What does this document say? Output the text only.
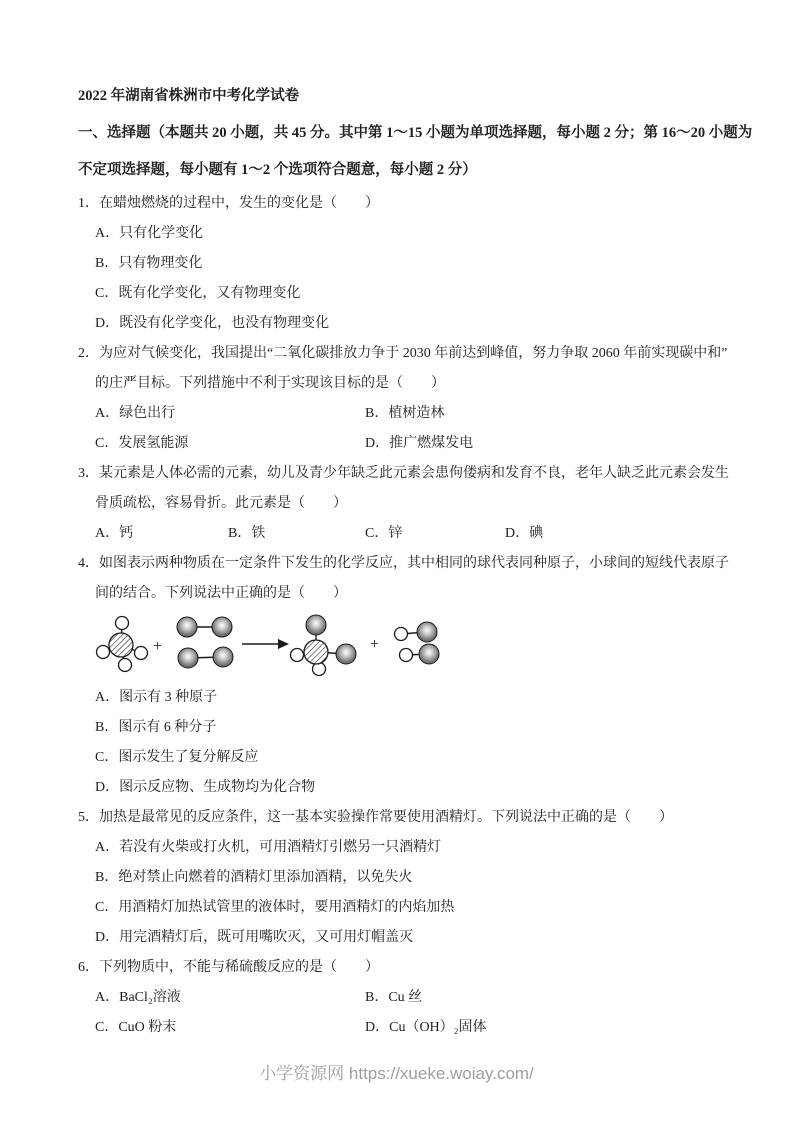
2022 年湖南省株洲市中考化学试卷
一、选择题（本题共 20 小题，共 45 分。其中第 1～15 小题为单项选择题，每小题 2 分；第 16～20 小题为
不定项选择题，每小题有 1～2 个选项符合题意，每小题 2 分）
1．在蜡烛燃烧的过程中，发生的变化是（　　）
A．只有化学变化
B．只有物理变化
C．既有化学变化，又有物理变化
D．既没有化学变化，也没有物理变化
2．为应对气候变化，我国提出“二氧化碳排放力争于 2030 年前达到峰值，努力争取 2060 年前实现碳中和”
的庄严目标。下列措施中不利于实现该目标的是（　　）
A．绿色出行	B．植树造林
C．发展氢能源	D．推广燃煤发电
3．某元素是人体必需的元素，幼儿及青少年缺乏此元素会患佝偻病和发育不良，老年人缺乏此元素会发生
骨质疏松，容易骨折。此元素是（　　）
A．钙	B．铁	C．锌	D．碘
4．如图表示两种物质在一定条件下发生的化学反应，其中相同的球代表同种原子，小球间的短线代表原子
间的结合。下列说法中正确的是（　　）
+	+
A．图示有 3 种原子
B．图示有 6 种分子
C．图示发生了复分解反应
D．图示反应物、生成物均为化合物
5．加热是最常见的反应条件，这一基本实验操作常要使用酒精灯。下列说法中正确的是（　　）
A．若没有火柴或打火机，可用酒精灯引燃另一只酒精灯
B．绝对禁止向燃着的酒精灯里添加酒精，以免失火
C．用酒精灯加热试管里的液体时，要用酒精灯的内焰加热
D．用完酒精灯后，既可用嘴吹灭，又可用灯帽盖灭
6．下列物质中，不能与稀硫酸反应的是（　　）
A．BaCl₂溶液	B．Cu 丝
C．CuO 粉末	D．Cu（OH）₂固体
小学资源网 https://xueke.woiay.com/
